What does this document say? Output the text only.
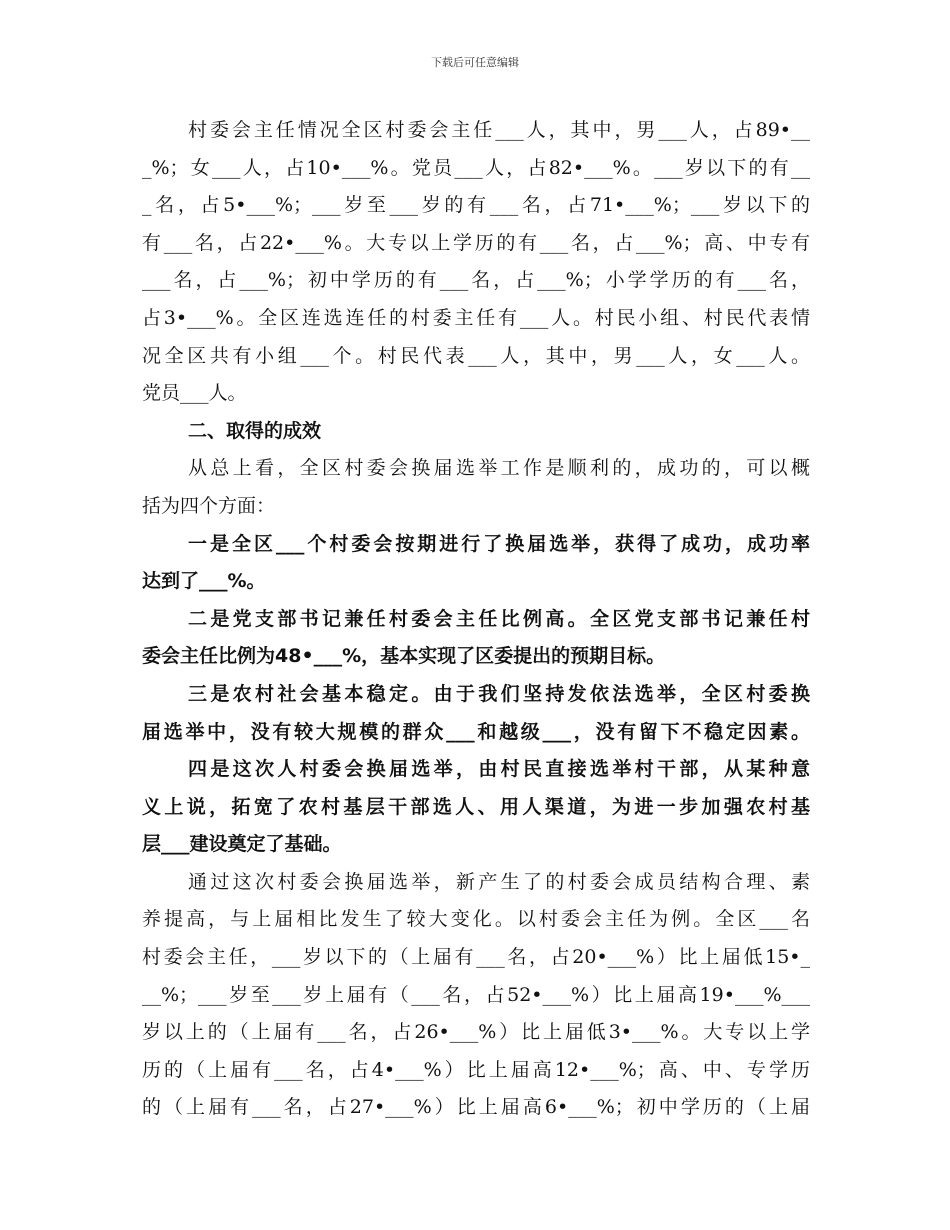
下载后可任意编辑
村委会主任情况全区村委会主任___人，其中，男___人，占89•__
_%；女___人，占10•___%。党员___人，占82•___%。___岁以下的有__
_名，占5•___%；___岁至___岁的有___名，占71•___%；___岁以下的
有___名，占22•___%。大专以上学历的有___名，占___%；高、中专有
___名，占___%；初中学历的有___名，占___%；小学学历的有___名，
占3•___%。全区连选连任的村委主任有___人。村民小组、村民代表情
况全区共有小组___个。村民代表___人，其中，男___人，女___人。
党员___人。
二、取得的成效
从总上看，全区村委会换届选举工作是顺利的，成功的，可以概
括为四个方面：
一是全区___个村委会按期进行了换届选举，获得了成功，成功率
达到了___%。
二是党支部书记兼任村委会主任比例高。全区党支部书记兼任村
委会主任比例为48•___%，基本实现了区委提出的预期目标。
三是农村社会基本稳定。由于我们坚持发依法选举，全区村委换
届选举中，没有较大规模的群众___和越级___，没有留下不稳定因素。
四是这次人村委会换届选举，由村民直接选举村干部，从某种意
义上说，拓宽了农村基层干部选人、用人渠道，为进一步加强农村基
层___建设奠定了基础。
通过这次村委会换届选举，新产生了的村委会成员结构合理、素
养提高，与上届相比发生了较大变化。以村委会主任为例。全区___名
村委会主任，___岁以下的（上届有___名，占20•___%）比上届低15•_
__%；___岁至___岁上届有（___名，占52•___%）比上届高19•___%___
岁以上的（上届有___名，占26•___%）比上届低3•___%。大专以上学
历的（上届有___名，占4•___%）比上届高12•___%；高、中、专学历
的（上届有___名，占27•___%）比上届高6•___%；初中学历的（上届
